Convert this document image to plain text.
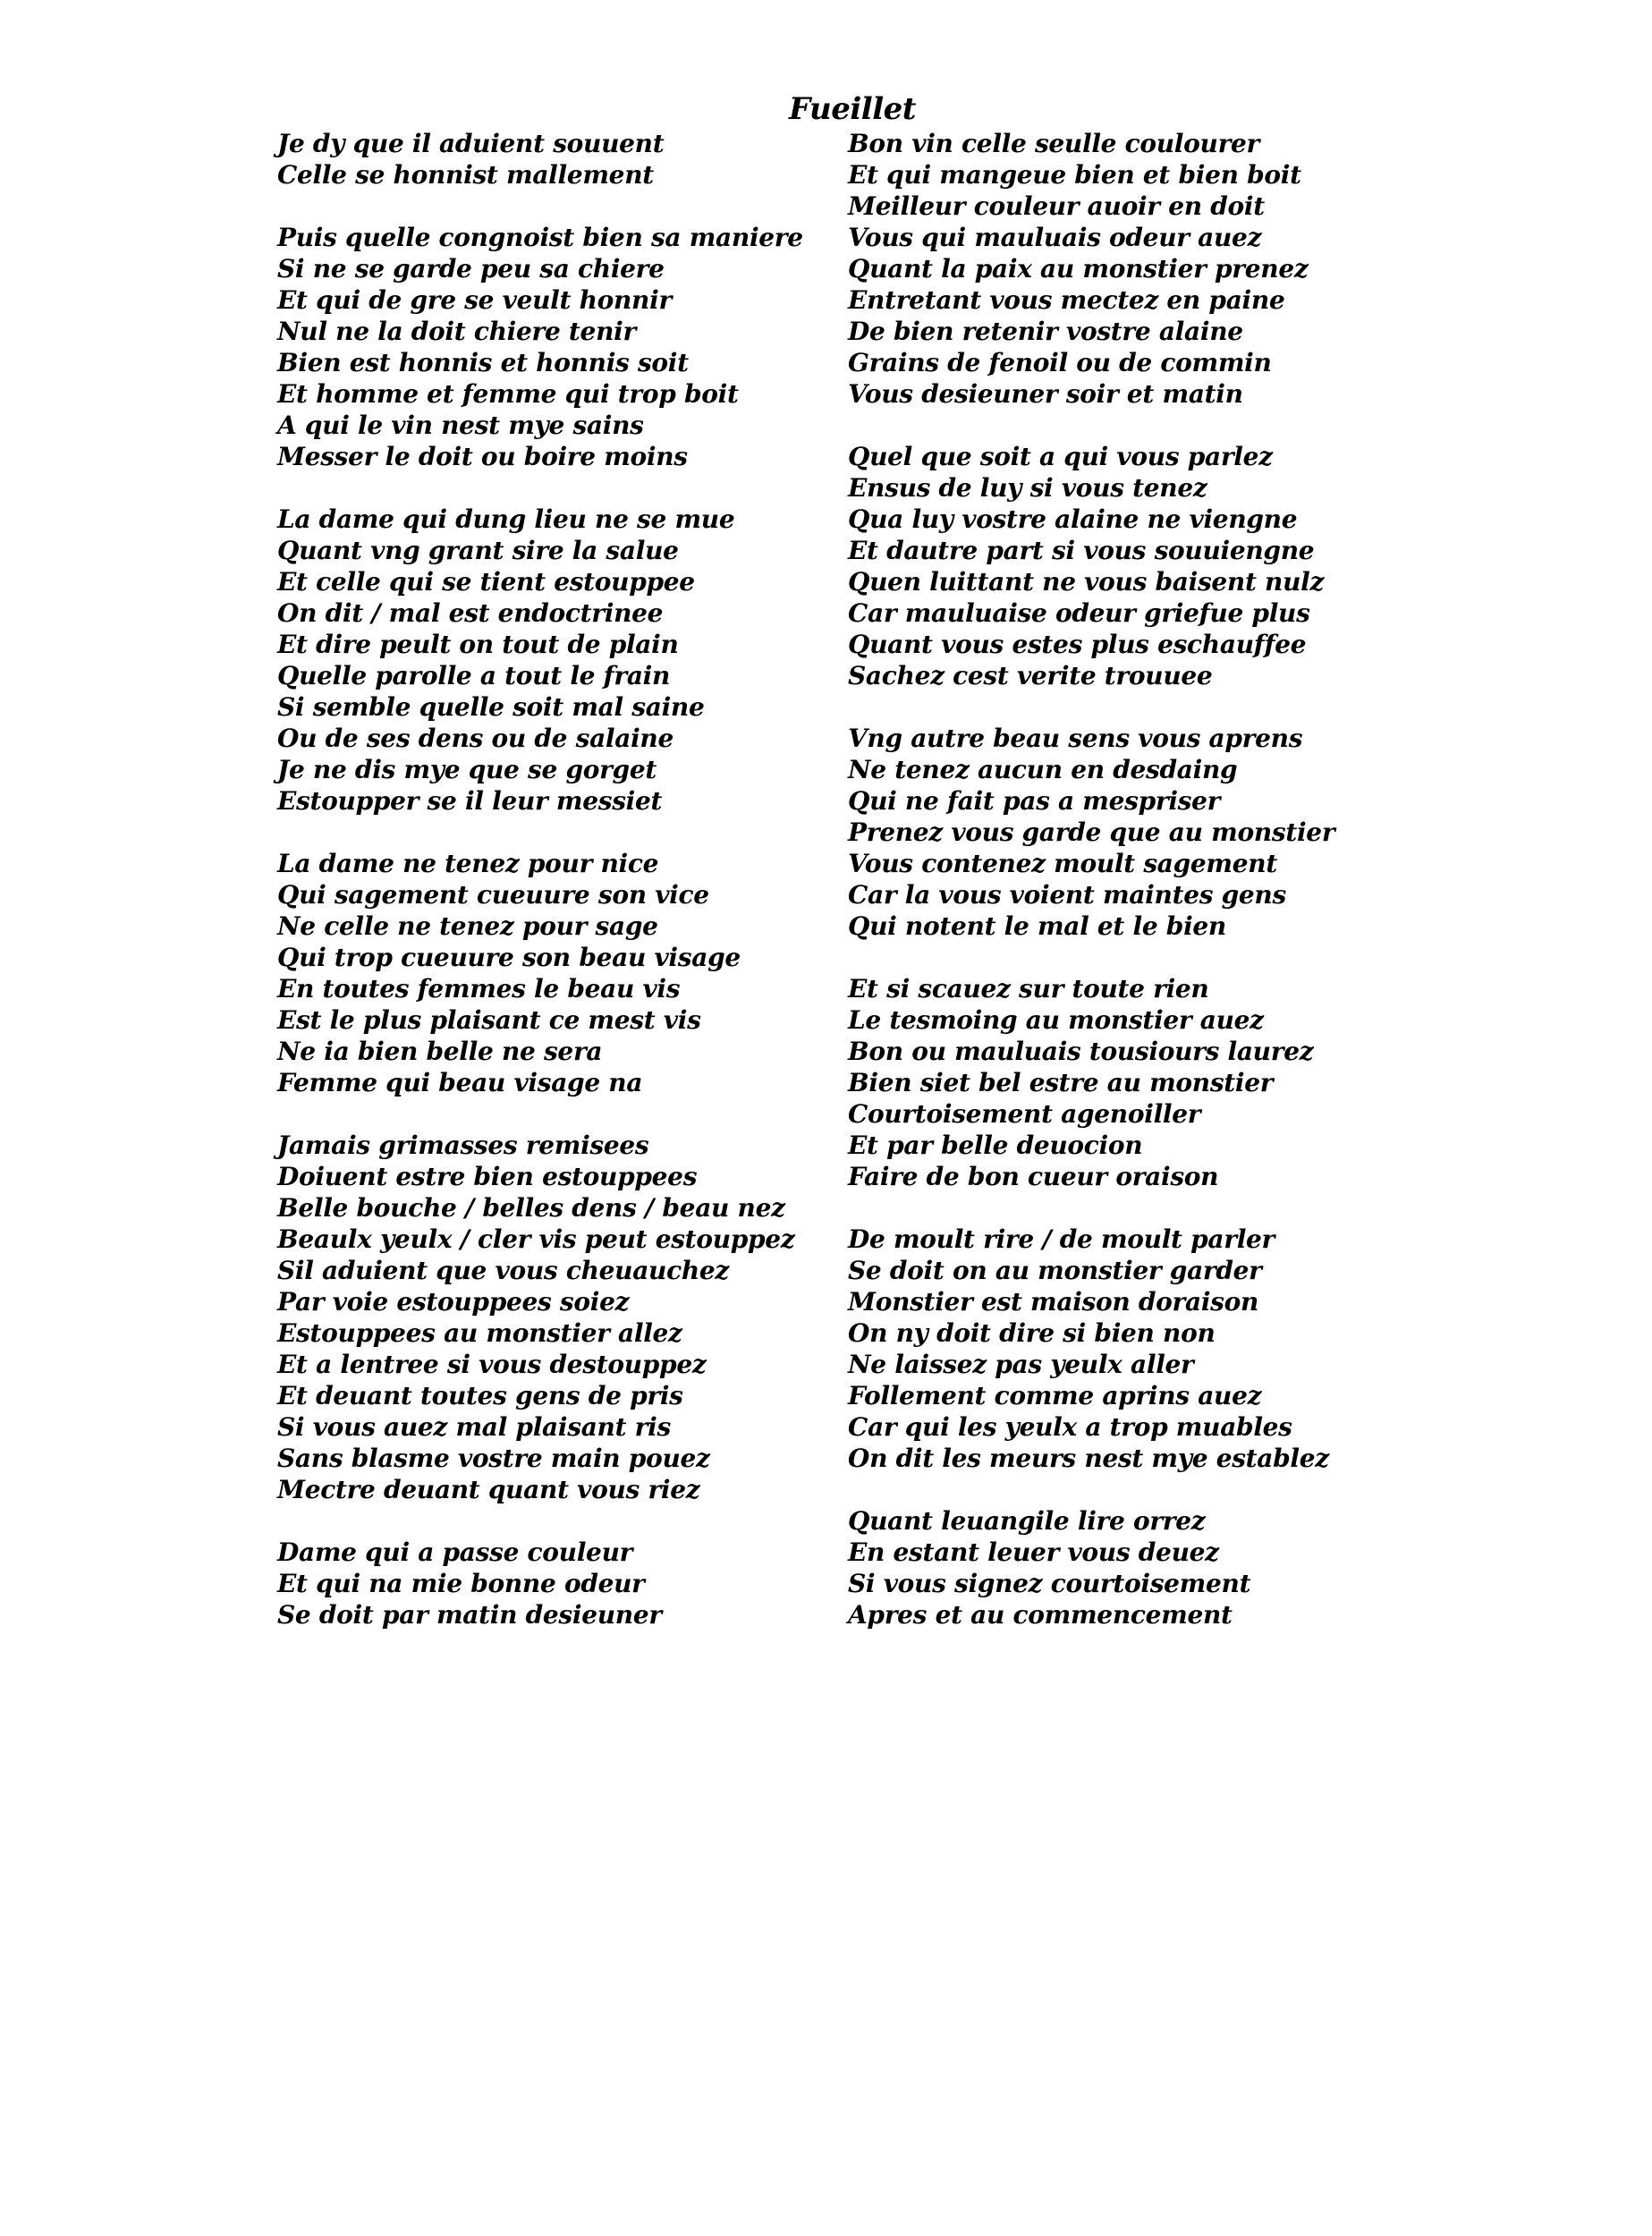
Fueillet
Je dy que il aduient souuent
Celle se honnist mallement
Puis quelle congnoist bien sa maniere
Si ne se garde peu sa chiere
Et qui de gre se veult honnir
Nul ne la doit chiere tenir
Bien est honnis et honnis soit
Et homme et femme qui trop boit
A qui le vin nest mye sains
Messer le doit ou boire moins
La dame qui dung lieu ne se mue
Quant vng grant sire la salue
Et celle qui se tient estouppee
On dit / mal est endoctrinee
Et dire peult on tout de plain
Quelle parolle a tout le frain
Si semble quelle soit mal saine
Ou de ses dens ou de salaine
Je ne dis mye que se gorget
Estoupper se il leur messiet
La dame ne tenez pour nice
Qui sagement cueuure son vice
Ne celle ne tenez pour sage
Qui trop cueuure son beau visage
En toutes femmes le beau vis
Est le plus plaisant ce mest vis
Ne ia bien belle ne sera
Femme qui beau visage na
Jamais grimasses remisees
Doiuent estre bien estouppees
Belle bouche / belles dens / beau nez
Beaulx yeulx / cler vis peut estouppez
Sil aduient que vous cheuauchez
Par voie estouppees soiez
Estouppees au monstier allez
Et a lentree si vous destouppez
Et deuant toutes gens de pris
Si vous auez mal plaisant ris
Sans blasme vostre main pouez
Mectre deuant quant vous riez
Dame qui a passe couleur
Et qui na mie bonne odeur
Se doit par matin desieuner
Bon vin celle seulle coulourer
Et qui mangeue bien et bien boit
Meilleur couleur auoir en doit
Vous qui mauluais odeur auez
Quant la paix au monstier prenez
Entretant vous mectez en paine
De bien retenir vostre alaine
Grains de fenoil ou de commin
Vous desieuner soir et matin
Quel que soit a qui vous parlez
Ensus de luy si vous tenez
Qua luy vostre alaine ne viengne
Et dautre part si vous souuiengne
Quen luittant ne vous baisent nulz
Car mauluaise odeur griefue plus
Quant vous estes plus eschauffee
Sachez cest verite trouuee
Vng autre beau sens vous aprens
Ne tenez aucun en desdaing
Qui ne fait pas a mespriser
Prenez vous garde que au monstier
Vous contenez moult sagement
Car la vous voient maintes gens
Qui notent le mal et le bien
Et si scauez sur toute rien
Le tesmoing au monstier auez
Bon ou mauluais tousiours laurez
Bien siet bel estre au monstier
Courtoisement agenoiller
Et par belle deuocion
Faire de bon cueur oraison
De moult rire / de moult parler
Se doit on au monstier garder
Monstier est maison doraison
On ny doit dire si bien non
Ne laissez pas yeulx aller
Follement comme aprins auez
Car qui les yeulx a trop muables
On dit les meurs nest mye establez
Quant leuangile lire orrez
En estant leuer vous deuez
Si vous signez courtoisement
Apres et au commencement
